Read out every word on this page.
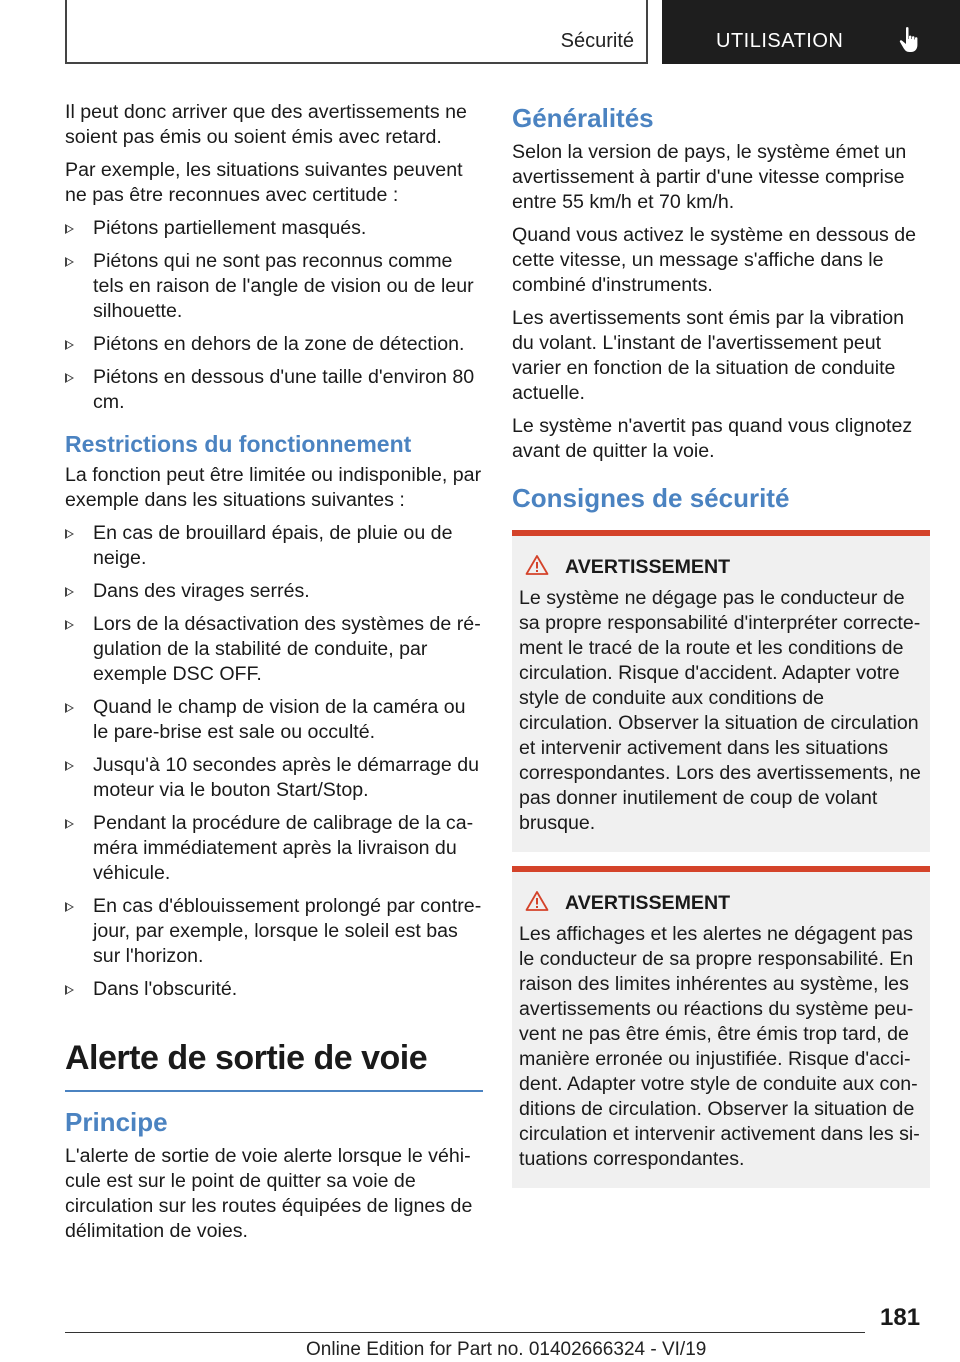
Sécurité	UTILISATION

Il peut donc arriver que des avertissements ne soient pas émis ou soient émis avec retard.

Par exemple, les situations suivantes peuvent ne pas être reconnues avec certitude :

Piétons partiellement masqués.
Piétons qui ne sont pas reconnus comme tels en raison de l'angle de vision ou de leur silhouette.
Piétons en dehors de la zone de détection.
Piétons en dessous d'une taille d'environ 80 cm.
Restrictions du fonctionnement

La fonction peut être limitée ou indisponible, par exemple dans les situations suivantes :

En cas de brouillard épais, de pluie ou de neige.
Dans des virages serrés.
Lors de la désactivation des systèmes de régulation de la stabilité de conduite, par exemple DSC OFF.
Quand le champ de vision de la caméra ou le pare-brise est sale ou occulté.
Jusqu'à 10 secondes après le démarrage du moteur via le bouton Start/Stop.
Pendant la procédure de calibrage de la caméra immédiatement après la livraison du véhicule.
En cas d'éblouissement prolongé par contre-jour, par exemple, lorsque le soleil est bas sur l'horizon.
Dans l'obscurité.
Alerte de sortie de voie
Principe

L'alerte de sortie de voie alerte lorsque le véhicule est sur le point de quitter sa voie de circulation sur les routes équipées de lignes de délimitation de voies.

Généralités

Selon la version de pays, le système émet un avertissement à partir d'une vitesse comprise entre 55 km/h et 70 km/h.

Quand vous activez le système en dessous de cette vitesse, un message s'affiche dans le combiné d'instruments.

Les avertissements sont émis par la vibration du volant. L'instant de l'avertissement peut varier en fonction de la situation de conduite actuelle.

Le système n'avertit pas quand vous clignotez avant de quitter la voie.

Consignes de sécurité
AVERTISSEMENT
Le système ne dégage pas le conducteur de sa propre responsabilité d'interpréter correctement le tracé de la route et les conditions de circulation. Risque d'accident. Adapter votre style de conduite aux conditions de circulation. Observer la situation de circulation et intervenir activement dans les situations correspondantes. Lors des avertissements, ne pas donner inutilement de coup de volant brusque.
AVERTISSEMENT
Les affichages et les alertes ne dégagent pas le conducteur de sa propre responsabilité. En raison des limites inhérentes au système, les avertissements ou réactions du système peuvent ne pas être émis, être émis trop tard, de manière erronée ou injustifiée. Risque d'accident. Adapter votre style de conduite aux conditions de circulation. Observer la situation de circulation et intervenir activement dans les situations correspondantes.
181
Online Edition for Part no. 01402666324 - VI/19
